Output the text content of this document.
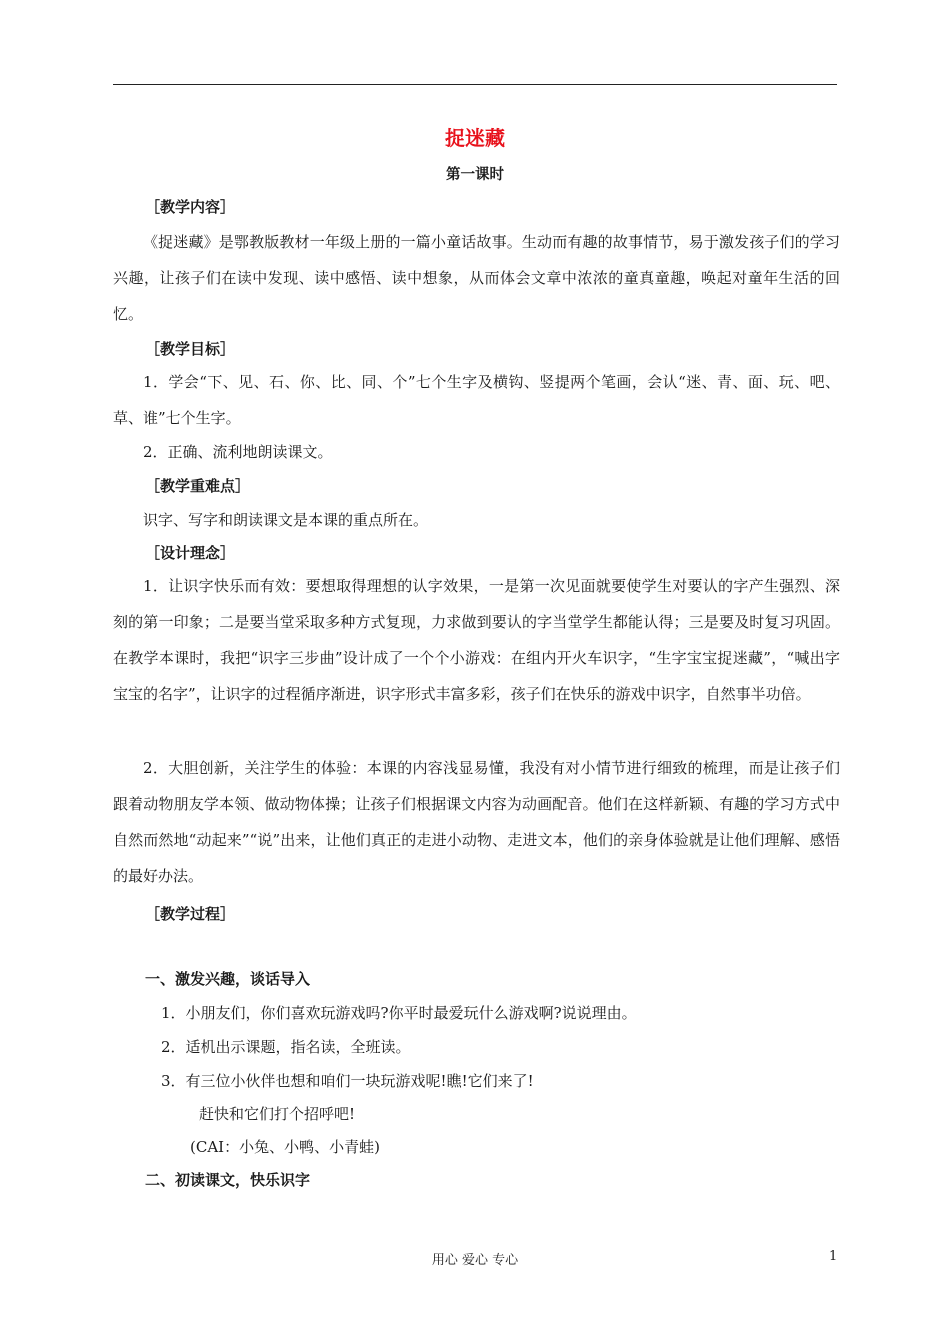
捉迷藏
第一课时
［教学内容］
《捉迷藏》是鄂教版教材一年级上册的一篇小童话故事。生动而有趣的故事情节，易于激发孩子们的学习兴趣，让孩子们在读中发现、读中感悟、读中想象，从而体会文章中浓浓的童真童趣，唤起对童年生活的回忆。
［教学目标］
1．学会“下、见、石、你、比、同、个”七个生字及横钩、竖提两个笔画，会认“迷、青、面、玩、吧、草、谁”七个生字。
2．正确、流利地朗读课文。
［教学重难点］
识字、写字和朗读课文是本课的重点所在。
［设计理念］
1．让识字快乐而有效：要想取得理想的认字效果，一是第一次见面就要使学生对要认的字产生强烈、深刻的第一印象；二是要当堂采取多种方式复现，力求做到要认的字当堂学生都能认得；三是要及时复习巩固。在教学本课时，我把“识字三步曲”设计成了一个个小游戏：在组内开火车识字，“生字宝宝捉迷藏”，“喊出字宝宝的名字”，让识字的过程循序渐进，识字形式丰富多彩，孩子们在快乐的游戏中识字，自然事半功倍。
2．大胆创新，关注学生的体验：本课的内容浅显易懂，我没有对小情节进行细致的梳理，而是让孩子们跟着动物朋友学本领、做动物体操；让孩子们根据课文内容为动画配音。他们在这样新颖、有趣的学习方式中自然而然地“动起来”“说”出来，让他们真正的走进小动物、走进文本，他们的亲身体验就是让他们理解、感悟的最好办法。
［教学过程］
一、激发兴趣，谈话导入
1．小朋友们，你们喜欢玩游戏吗?你平时最爱玩什么游戏啊?说说理由。
2．适机出示课题，指名读，全班读。
3．有三位小伙伴也想和咱们一块玩游戏呢!瞧!它们来了!
赶快和它们打个招呼吧!
(CAI：小兔、小鸭、小青蛙)
二、初读课文，快乐识字
用心 爱心 专心	1
